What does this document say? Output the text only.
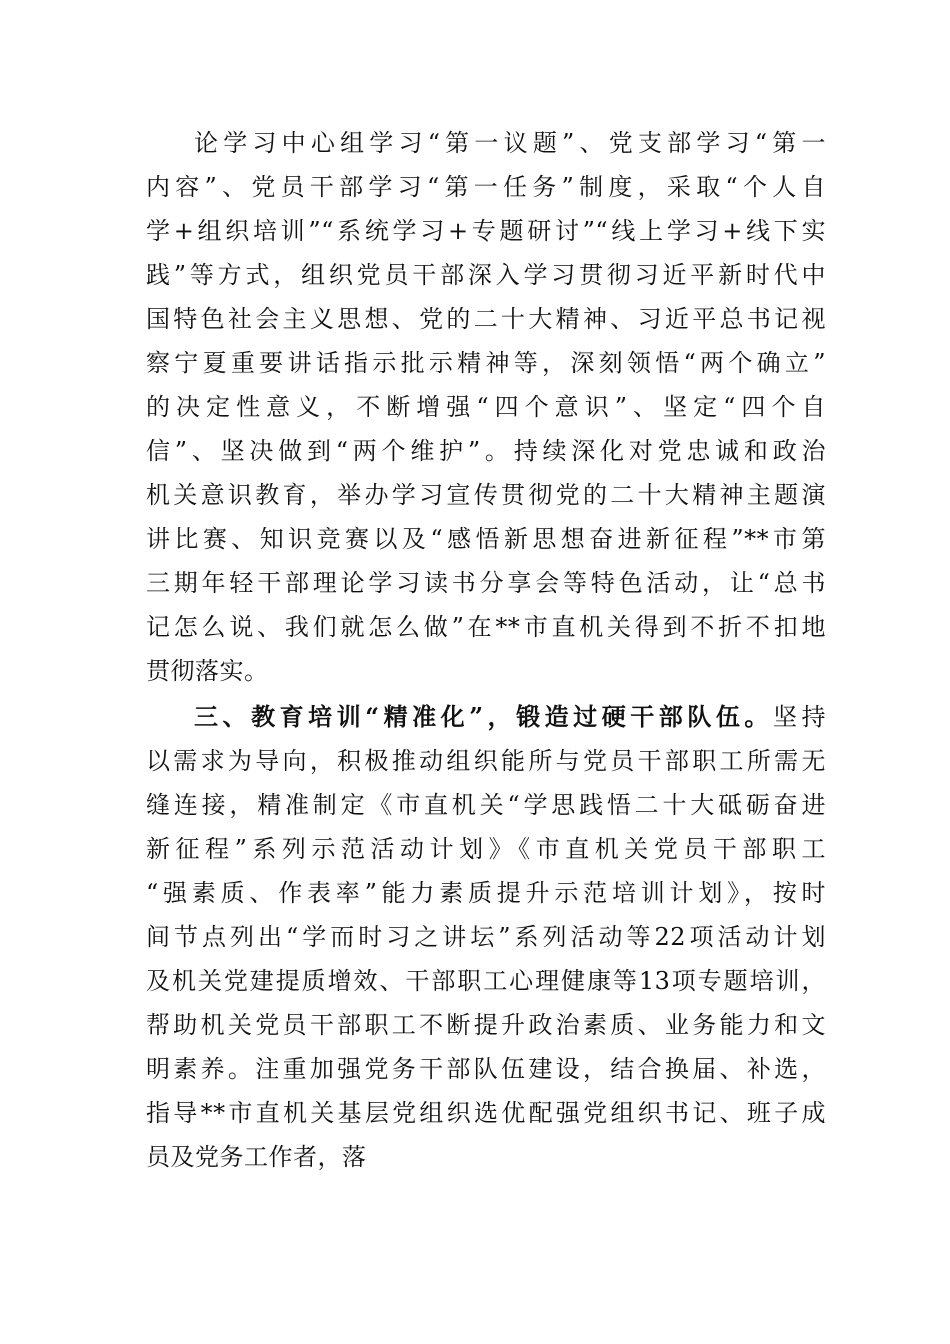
论学习中心组学习“第一议题”、党支部学习“第一
内容”、党员干部学习“第一任务”制度，采取“个人自
学+组织培训”“系统学习+专题研讨”“线上学习+线下实
践”等方式，组织党员干部深入学习贯彻习近平新时代中
国特色社会主义思想、党的二十大精神、习近平总书记视
察宁夏重要讲话指示批示精神等，深刻领悟“两个确立”
的决定性意义，不断增强“四个意识”、坚定“四个自
信”、坚决做到“两个维护”。持续深化对党忠诚和政治
机关意识教育，举办学习宣传贯彻党的二十大精神主题演
讲比赛、知识竞赛以及“感悟新思想奋进新征程”**市第
三期年轻干部理论学习读书分享会等特色活动，让“总书
记怎么说、我们就怎么做”在**市直机关得到不折不扣地
贯彻落实。
三、教育培训“精准化”，锻造过硬干部队伍。坚持
以需求为导向，积极推动组织能所与党员干部职工所需无
缝连接，精准制定《市直机关“学思践悟二十大砥砺奋进
新征程”系列示范活动计划》《市直机关党员干部职工
“强素质、作表率”能力素质提升示范培训计划》，按时
间节点列出“学而时习之讲坛”系列活动等22项活动计划
及机关党建提质增效、干部职工心理健康等13项专题培训，
帮助机关党员干部职工不断提升政治素质、业务能力和文
明素养。注重加强党务干部队伍建设，结合换届、补选，
指导**市直机关基层党组织选优配强党组织书记、班子成
员及党务工作者，落
